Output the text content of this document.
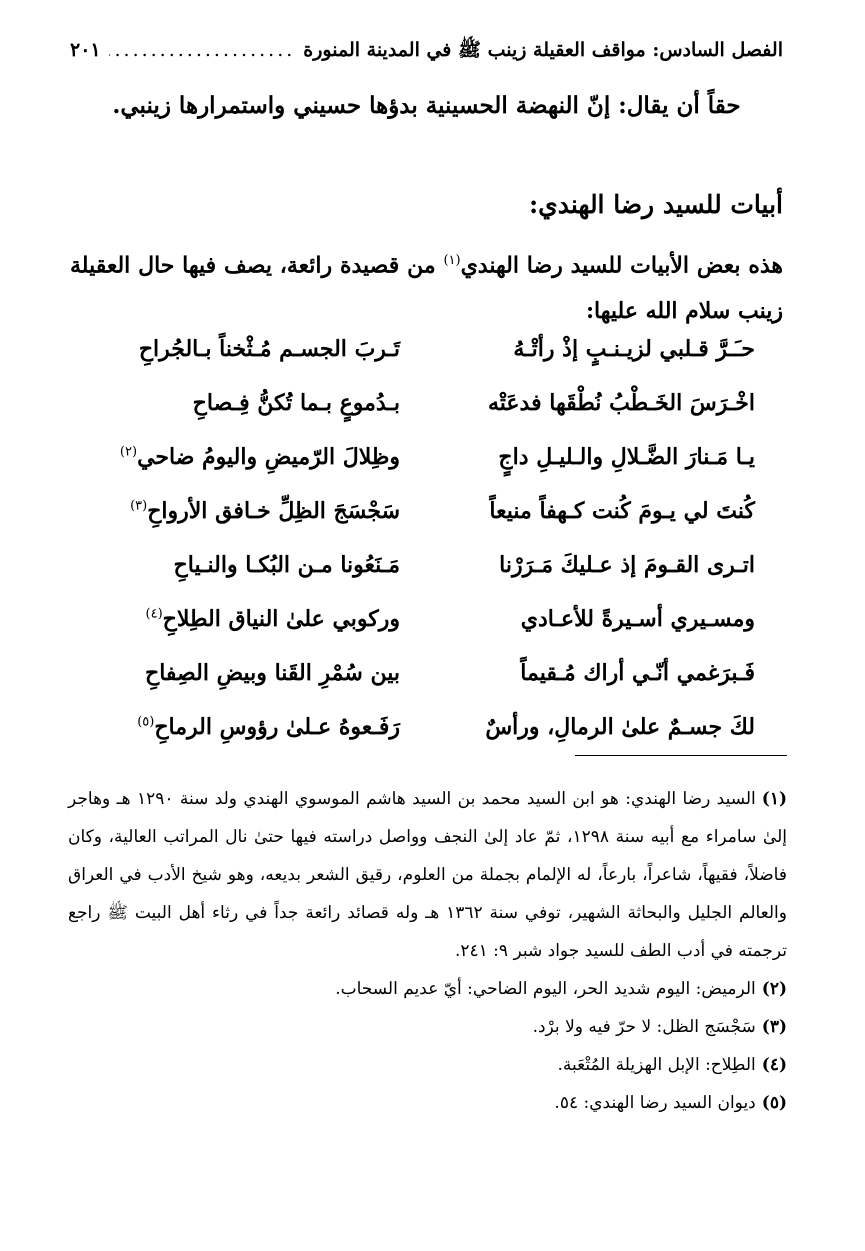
الفصل السادس: مواقف العقيلة زينب ﷺ في المدينة المنورة
.....
٢٠١
حقاً أن يقال: إنّ النهضة الحسينية بدؤها حسيني واستمرارها زينبي.
أبيات للسيد رضا الهندي:
هذه بعض الأبيات للسيد رضا الهندي$^{(١)}$ من قصيدة رائعة، يصف فيها حال العقيلة زينب سلام الله عليها:
حـَـرَّ قـلبي لزيـنـبٍ إذْ رأتْـهُ
تَـربَ الجسـم مُـثْخناً بـالجُراحِ
اخْـرَسَ الخَـطْبُ نُطْقَها فدعَتْه
بـدُموعٍ بـما تُكنُّ فِـصاحِ
يـا مَـنارَ الضَّـلالِ والـليـلِ داجٍ
وظِلالَ الرّميضِ واليومُ ضاحي$^{(٢)}$
كُنتَ لي يـومَ كُنت كـهفاً منيعاً
سَجْسَجَ الظِلِّ خـافق الأرواحِ$^{(٣)}$
اتـرى القـومَ إذ عـليكَ مَـرَرْنا
مَـنَعُونا مـن البُكـا والنـياحِ
ومسـيري أسـيرةً للأعـادي
وركوبي علىٰ النياق الطِلاحِ$^{(٤)}$
فَـبرَغمي أنّـي أراك مُـقيماً
بين سُمْرِ القَنا وبيضِ الصِفاحِ
لكَ جسـمٌ علىٰ الرمالِ، ورأسٌ
رَفَـعوهُ عـلىٰ رؤوسِ الرماحِ$^{(٥)}$
(١)السيد رضا الهندي: هو ابن السيد محمد بن السيد هاشم الموسوي الهندي ولد سنة ١٢٩٠ هـ وهاجر إلىٰ سامراء مع أبيه سنة ١٢٩٨، ثمّ عاد إلىٰ النجف وواصل دراسته فيها حتىٰ نال المراتب العالية، وكان فاضلاً، فقيهاً، شاعراً، بارعاً، له الإلمام بجملة من العلوم، رقيق الشعر بديعه، وهو شيخ الأدب في العراق والعالم الجليل والبحاثة الشهير، توفي سنة ١٣٦٢ هـ وله قصائد رائعة جداً في رثاء أهل البيت ﷺ راجع ترجمته في أدب الطف للسيد جواد شبر ٩: ٢٤١.
(٢)الرميض: اليوم شديد الحر، اليوم الضاحي: أيّ عديم السحاب.
(٣)سَجْسَج الظل: لا حرّ فيه ولا برْد.
(٤)الطِلاح: الإبل الهزيلة المُتْعَبة.
(٥)ديوان السيد رضا الهندي: ٥٤.
